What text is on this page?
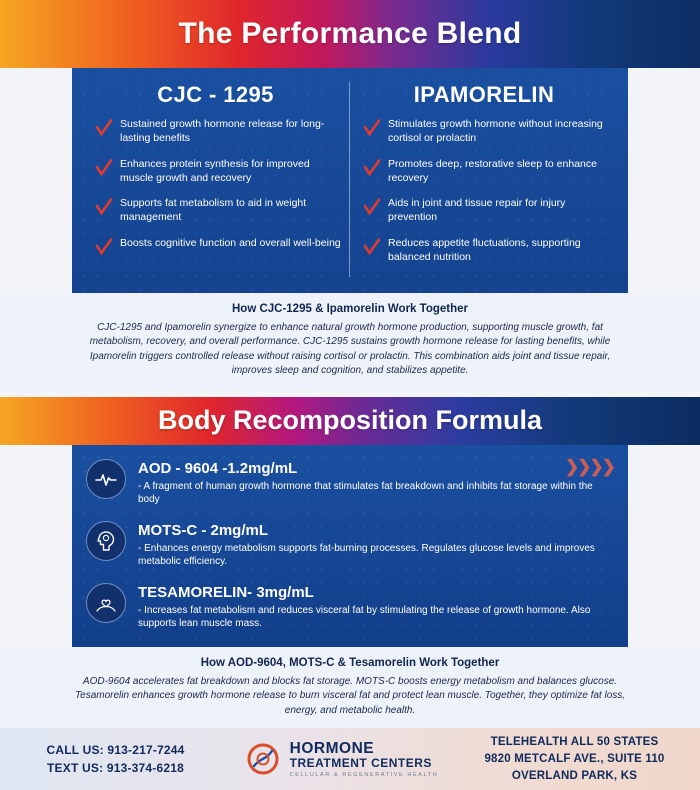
The Performance Blend
CJC - 1295

Sustained growth hormone release for long-lasting benefits

Enhances protein synthesis for improved muscle growth and recovery

Supports fat metabolism to aid in weight management

Boosts cognitive function and overall well-being

IPAMORELIN

Stimulates growth hormone without increasing cortisol or prolactin

Promotes deep, restorative sleep to enhance recovery

Aids in joint and tissue repair for injury prevention

Reduces appetite fluctuations, supporting balanced nutrition

How CJC-1295 & Ipamorelin Work Together

CJC-1295 and Ipamorelin synergize to enhance natural growth hormone production, supporting muscle growth, fat metabolism, recovery, and overall performance. CJC-1295 sustains growth hormone release for lasting benefits, while Ipamorelin triggers controlled release without raising cortisol or prolactin. This combination aids joint and tissue repair, improves sleep and cognition, and stabilizes appetite.

Body Recomposition Formula
❯❯❯❯
AOD - 9604 -1.2mg/mL
- A fragment of human growth hormone that stimulates fat breakdown and inhibits fat storage within the body
MOTS-C - 2mg/mL
- Enhances energy metabolism supports fat-burning processes. Regulates glucose levels and improves metabolic efficiency.
TESAMORELIN- 3mg/mL
- Increases fat metabolism and reduces visceral fat by stimulating the release of growth hormone. Also supports lean muscle mass.
How AOD-9604, MOTS-C & Tesamorelin Work Together

AOD-9604 accelerates fat breakdown and blocks fat storage. MOTS-C boosts energy metabolism and balances glucose. Tesamorelin enhances growth hormone release to burn visceral fat and protect lean muscle. Together, they optimize fat loss, energy, and metabolic health.

CALL US: 913-217-7244
TEXT US: 913-374-6218
HORMONE
TREATMENT CENTERS
CELLULAR & REGENERATIVE HEALTH
TELEHEALTH ALL 50 STATES
9820 METCALF AVE., SUITE 110
OVERLAND PARK, KS
